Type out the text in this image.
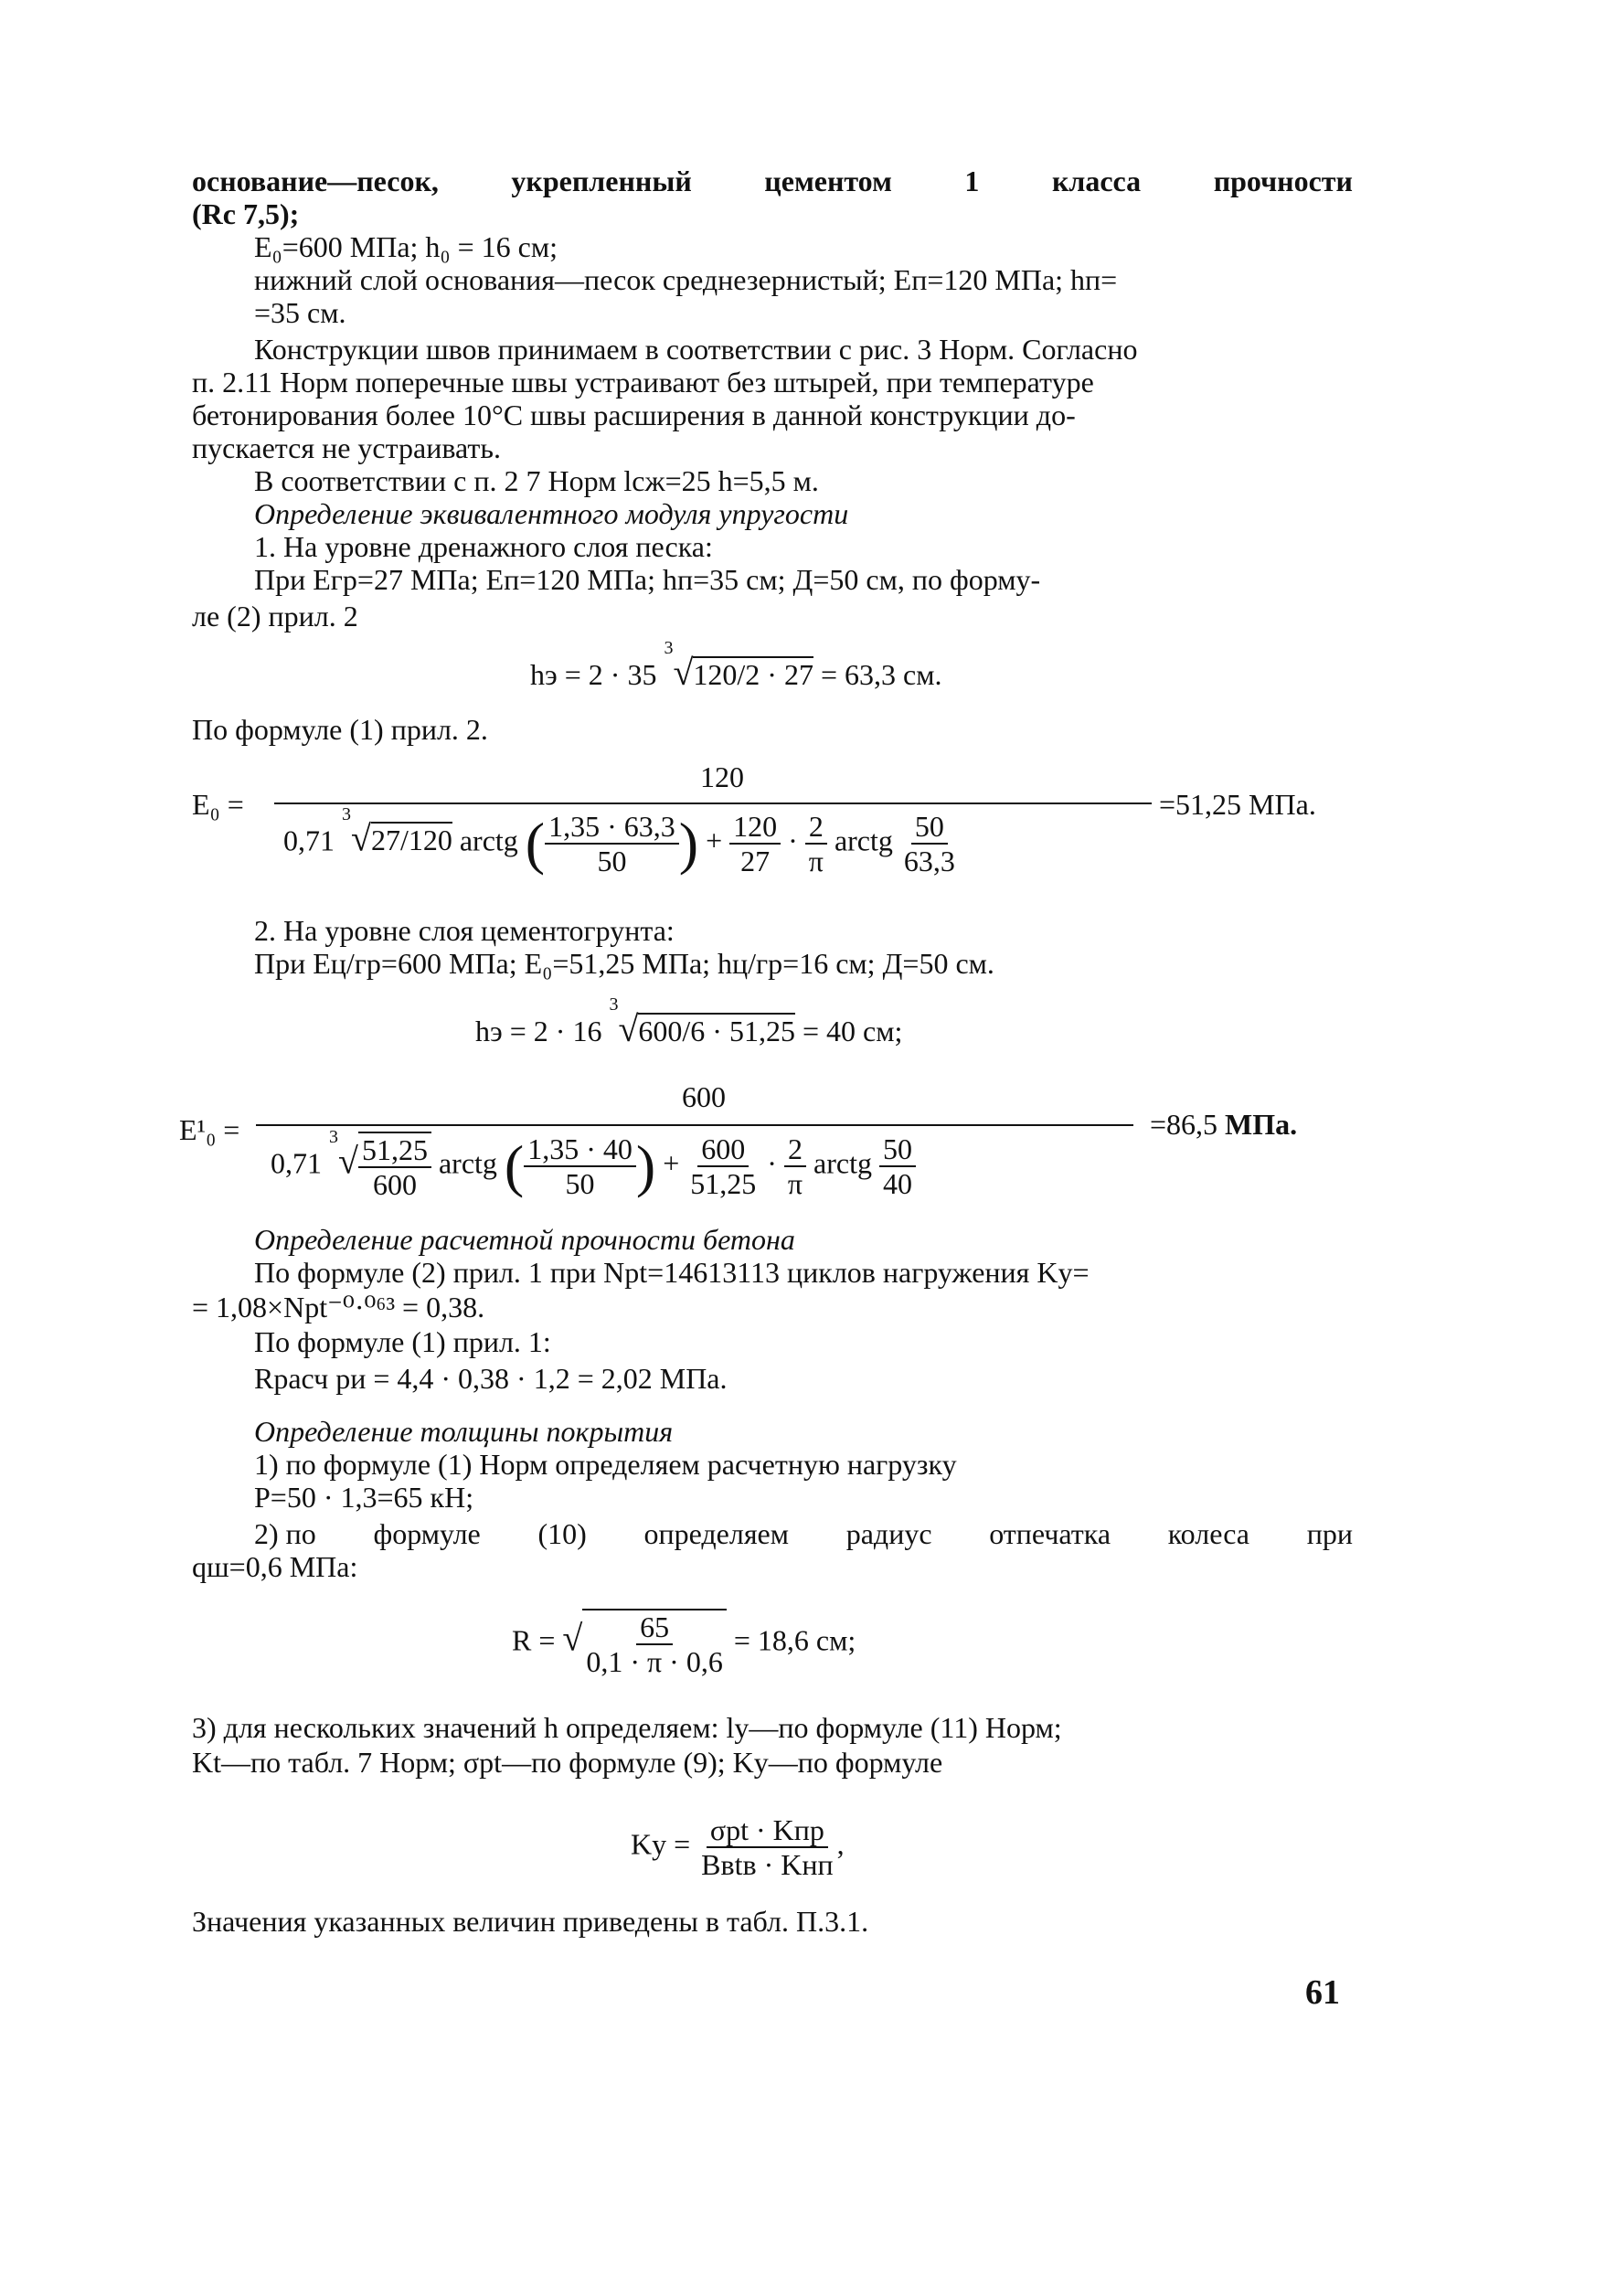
основание—песок, укрепленный цементом 1 класса прочности
(Rc 7,5);
E₀=600 МПа; h₀ = 16 см;
нижний слой основания—песок среднезернистый; Eп=120 МПа; hп=
=35 см.
Конструкции швов принимаем в соответствии с рис. 3 Норм. Согласно
п. 2.11 Норм поперечные швы устраивают без штырей, при температуре
бетонирования более 10°С швы расширения в данной конструкции до-
пускается не устраивать.
В соответствии с п. 2 7 Норм lсж=25 h=5,5 м.
Определение эквивалентного модуля упругости
1. На уровне дренажного слоя песка:
При Eгр=27 МПа; Eп=120 МПа; hп=35 см; Д=50 см, по форму-
ле (2) прил. 2
hэ = 2 · 35 $^3$√120/2 · 27 = 63,3 см.
По формуле (1) прил. 2.
E₀ =
120
0,71 $^3$√27/120 arctg ( $\frac{1,35 \cdot 63,3}{50}$ ) + $\frac{120}{27} \cdot \frac{2}{\pi}$ arctg $\frac{50}{63,3}$
=51,25 МПа.
2. На уровне слоя цементогрунта:
При Eц/гр=600 МПа; E₀=51,25 МПа; hц/гр=16 см; Д=50 см.
hэ = 2 · 16 $^3$√600/6 · 51,25 = 40 см;
E¹₀ =
600
0,71 $^3√ \frac{51,25}{600}$ arctg ( $\frac{1,35 \cdot 40}{50}$ ) + $\frac{600}{51,25} \cdot \frac{2}{\pi}$ arctg $\frac{50}{40}$
=86,5 МПа.
Определение расчетной прочности бетона
По формуле (2) прил. 1 при Npt=14613113 циклов нагружения Kу=
= 1,08×Npt⁻⁰·⁰⁶³ = 0,38.
По формуле (1) прил. 1:
Rрасч ри = 4,4 · 0,38 · 1,2 = 2,02 МПа.
Определение толщины покрытия
1) по формуле (1) Норм определяем расчетную нагрузку
P=50 · 1,3=65 кН;
2) по формуле (10) определяем радиус отпечатка колеса при
qш=0,6 МПа:
R = √ $\frac{65}{0,1 \cdot \pi \cdot 0,6} = 18,6$ см;
3) для нескольких значений h определяем: lу—по формуле (11) Норм;
Kt—по табл. 7 Норм; σpt—по формуле (9); Kу—по формуле
Kу = $\frac{\text{σpt · Kпр}}{\text{Bвtв · Kнп}}$ ,
Значения указанных величин приведены в табл. П.3.1.
61
